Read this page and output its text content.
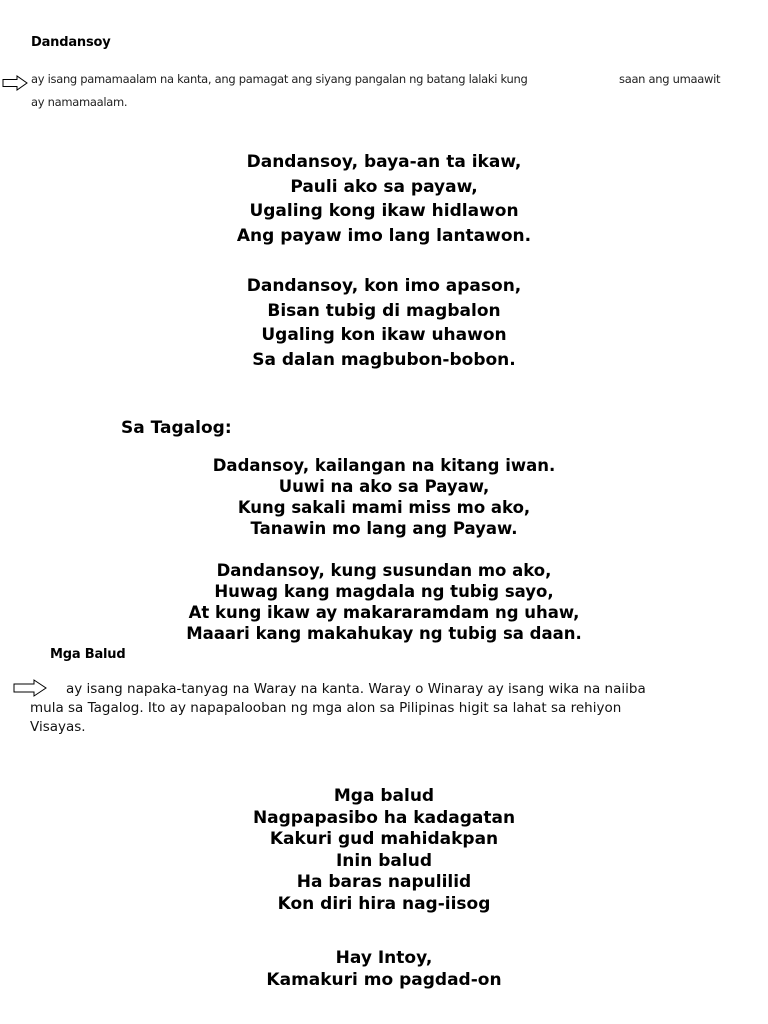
Dandansoy
ay isang pamamaalam na kanta, ang pamagat ang siyang pangalan ng batang lalaki kung	saan ang umaawit
ay namamaalam.
Dandansoy, baya-an ta ikaw,
Pauli ako sa payaw,
Ugaling kong ikaw hidlawon
Ang payaw imo lang lantawon.
Dandansoy, kon imo apason,
Bisan tubig di magbalon
Ugaling kon ikaw uhawon
Sa dalan magbubon-bobon.
Sa Tagalog:
Dadansoy, kailangan na kitang iwan.
Uuwi na ako sa Payaw,
Kung sakali mami miss mo ako,
Tanawin mo lang ang Payaw.
Dandansoy, kung susundan mo ako,
Huwag kang magdala ng tubig sayo,
At kung ikaw ay makararamdam ng uhaw,
Maaari kang makahukay ng tubig sa daan.
Mga Balud
ay isang napaka-tanyag na Waray na kanta. Waray o Winaray ay isang wika na naiiba
mula sa Tagalog. Ito ay napapalooban ng mga alon sa Pilipinas higit sa lahat sa rehiyon
Visayas.
Mga balud
Nagpapasibo ha kadagatan
Kakuri gud mahidakpan
Inin balud
Ha baras napulilid
Kon diri hira nag-iisog
Hay Intoy,
Kamakuri mo pagdad-on
